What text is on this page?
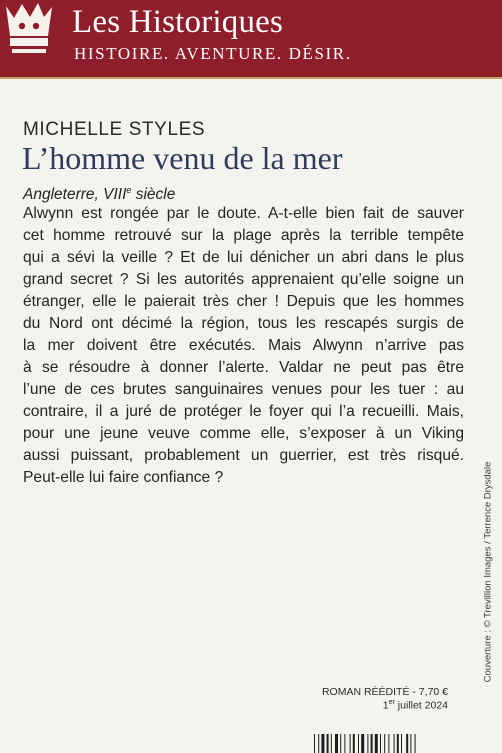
Les Historiques
HISTOIRE. AVENTURE. DÉSIR.
MICHELLE STYLES
L’homme venu de la mer
Angleterre, VIIIe siècle
Alwynn est rongée par le doute. A-t-elle bien fait de sauver
cet homme retrouvé sur la plage après la terrible tempête
qui a sévi la veille ? Et de lui dénicher un abri dans le plus
grand secret ? Si les autorités apprenaient qu’elle soigne un
étranger, elle le paierait très cher ! Depuis que les hommes
du Nord ont décimé la région, tous les rescapés surgis de
la mer doivent être exécutés. Mais Alwynn n’arrive pas
à se résoudre à donner l’alerte. Valdar ne peut pas être
l’une de ces brutes sanguinaires venues pour les tuer : au
contraire, il a juré de protéger le foyer qui l’a recueilli. Mais,
pour une jeune veuve comme elle, s’exposer à un Viking
aussi puissant, probablement un guerrier, est très risqué.
Peut-elle lui faire confiance ?	Couverture : © Trevillion Images / Terrence Drysdale
ROMAN RÉÉDITÉ - 7,70 €
1er juillet 2024
